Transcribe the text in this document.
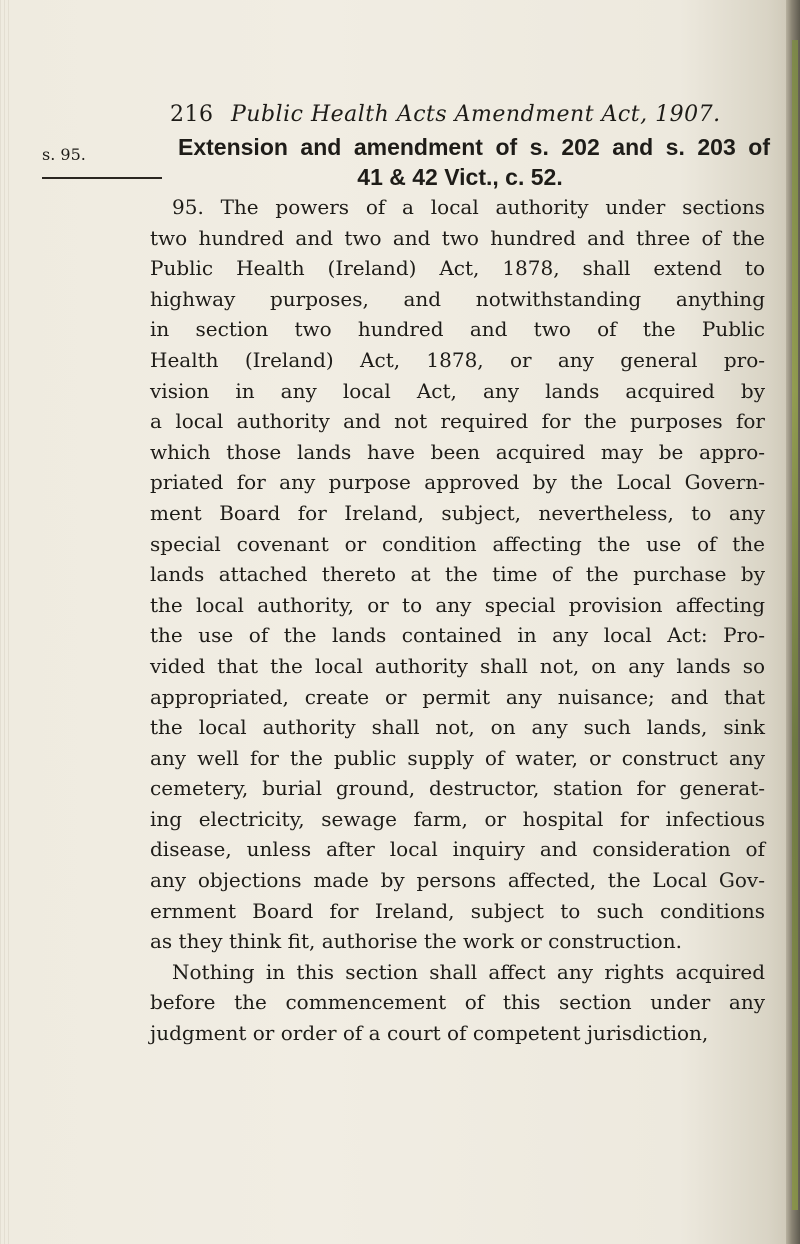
216 Public Health Acts Amendment Act, 1907.
s. 95.	Extension and amendment of s. 202 and s. 203 of
41 & 42 Vict., c. 52.
95. The powers of a local authority under sections
two hundred and two and two hundred and three of the
Public Health (Ireland) Act, 1878, shall extend to
highway purposes, and notwithstanding anything
in section two hundred and two of the Public
Health (Ireland) Act, 1878, or any general pro-
vision in any local Act, any lands acquired by
a local authority and not required for the purposes for
which those lands have been acquired may be appro-
priated for any purpose approved by the Local Govern-
ment Board for Ireland, subject, nevertheless, to any
special covenant or condition affecting the use of the
lands attached thereto at the time of the purchase by
the local authority, or to any special provision affecting
the use of the lands contained in any local Act: Pro-
vided that the local authority shall not, on any lands so
appropriated, create or permit any nuisance; and that
the local authority shall not, on any such lands, sink
any well for the public supply of water, or construct any
cemetery, burial ground, destructor, station for generat-
ing electricity, sewage farm, or hospital for infectious
disease, unless after local inquiry and consideration of
any objections made by persons affected, the Local Gov-
ernment Board for Ireland, subject to such conditions
as they think fit, authorise the work or construction.
Nothing in this section shall affect any rights acquired
before the commencement of this section under any
judgment or order of a court of competent jurisdiction,
